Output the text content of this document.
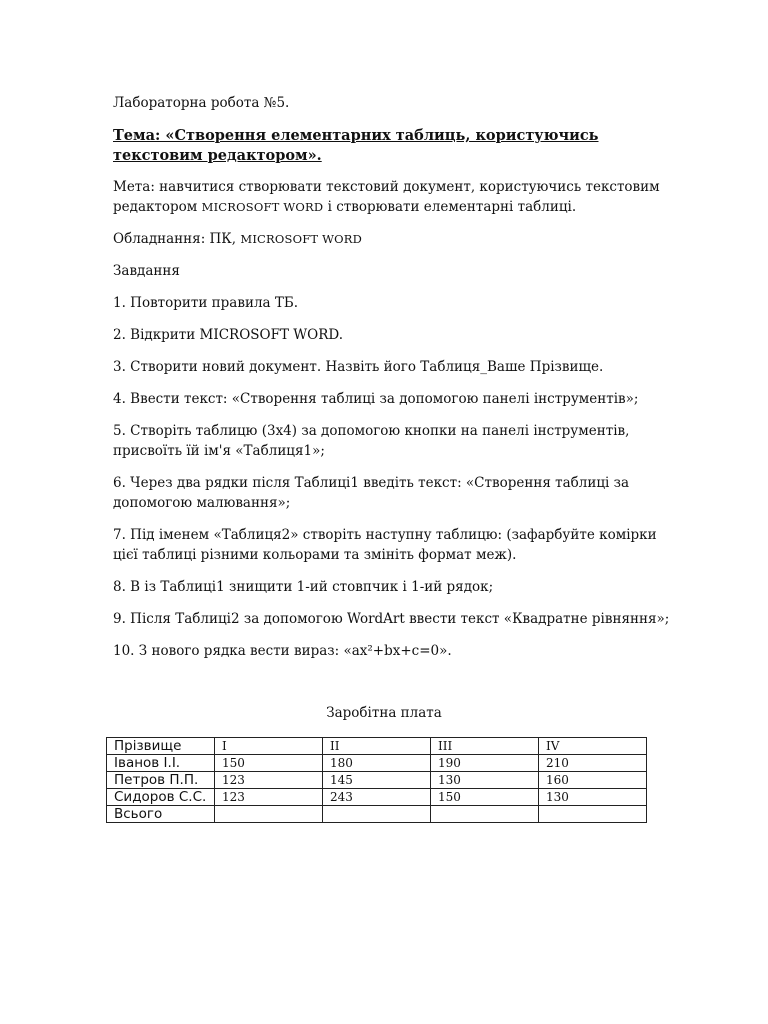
Лабораторна робота №5.

Тема: «Створення елементарних таблиць, користуючись текстовим редактором».

Мета: навчитися створювати текстовий документ, користуючись текстовим редактором MICROSOFT WORD і створювати елементарні таблиці.

Обладнання: ПК, MICROSOFT WORD

Завдання

1. Повторити правила ТБ.

2. Відкрити MICROSOFT WORD.

3. Створити новий документ. Назвіть його Таблиця_Ваше Прізвище.

4. Ввести текст: «Створення таблиці за допомогою панелі інструментів»;

5. Створіть таблицю (3х4) за допомогою кнопки на панелі інструментів, присвоїть їй ім'я «Таблиця1»;

6. Через два рядки після Таблиці1 введіть текст: «Створення таблиці за допомогою малювання»;

7. Під іменем «Таблиця2» створіть наступну таблицю: (зафарбуйте комірки цієї таблиці різними кольорами та змініть формат меж).

8. В із Таблиці1 знищити 1-ий стовпчик і 1-ий рядок;

9. Після Таблиці2 за допомогою WordArt ввести текст «Квадратне рівняння»;

10. З нового рядка вести вираз: «ax²+bx+c=0».

Заробітна плата
Прізвище	I	II	III	IV
Іванов І.І.	150	180	190	210
Петров П.П.	123	145	130	160
Сидоров С.С.	123	243	150	130
Всього				
